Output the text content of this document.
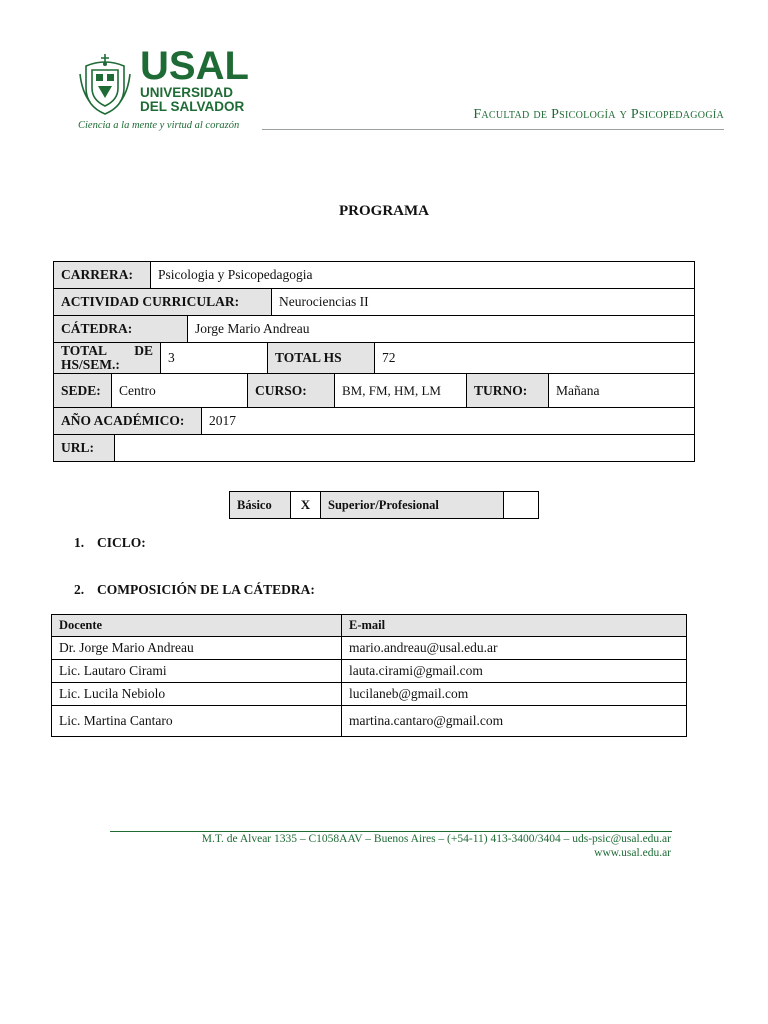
USAL
UNIVERSIDAD
DEL SALVADOR
Ciencia a la mente y virtud al corazón
Facultad de Psicología y Psicopedagogía
PROGRAMA
CARRERA:	Psicologia y Psicopedagogia
ACTIVIDAD CURRICULAR:	Neurociencias II
CÁTEDRA:	Jorge Mario Andreau
TOTAL DE HS/SEM.:	3	TOTAL HS	72
SEDE:	Centro	CURSO:	BM, FM, HM, LM	TURNO:	Mañana
AÑO ACADÉMICO:	2017
URL:
Básico	X	Superior/Profesional
1. CICLO:
2. COMPOSICIÓN DE LA CÁTEDRA:
Docente	E-mail
Dr. Jorge Mario Andreau	mario.andreau@usal.edu.ar
Lic. Lautaro Cirami	lauta.cirami@gmail.com
Lic. Lucila Nebiolo	lucilaneb@gmail.com
Lic. Martina Cantaro	martina.cantaro@gmail.com
M.T. de Alvear 1335 – C1058AAV – Buenos Aires – (+54-11) 413-3400/3404 – uds-psic@usal.edu.ar
www.usal.edu.ar
